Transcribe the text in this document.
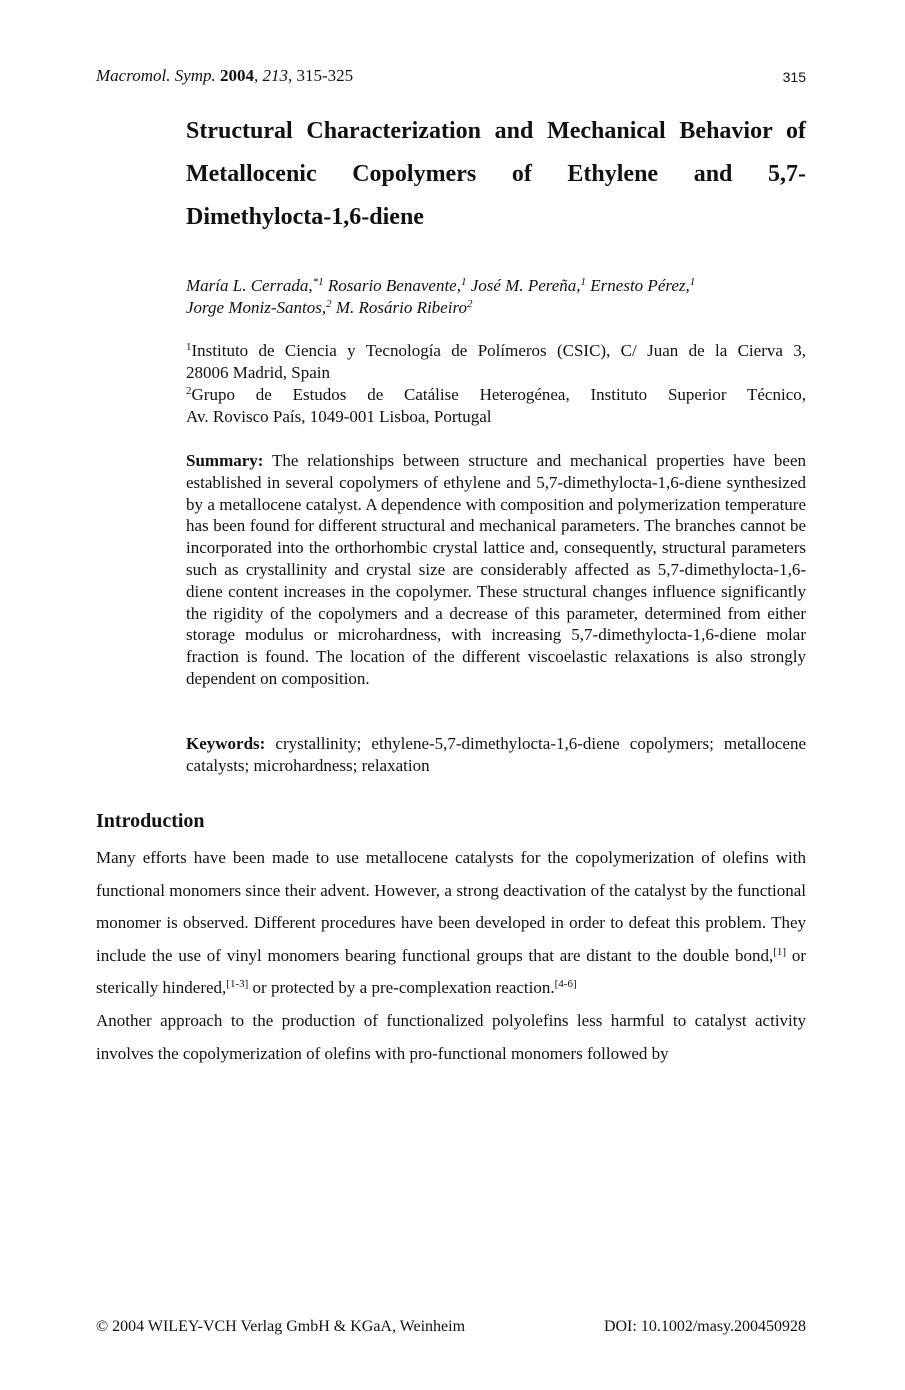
Macromol. Symp. 2004, 213, 315-325	315
Structural Characterization and Mechanical Behavior of
Metallocenic Copolymers of Ethylene and 5,7-
Dimethylocta-1,6-diene
María L. Cerrada,$^{*1}$ Rosario Benavente,$^1$ José M. Pereña,$^1$ Ernesto Pérez,$^1$
Jorge Moniz-Santos,$^2$ M. Rosário Ribeiro$^2$

$^1$Instituto de Ciencia y Tecnología de Polímeros (CSIC), C/ Juan de la Cierva 3,

28006 Madrid, Spain

$^2$Grupo de Estudos de Catálise Heterogénea, Instituto Superior Técnico,

Av. Rovisco País, 1049-001 Lisboa, Portugal

Summary: The relationships between structure and mechanical properties have been established in several copolymers of ethylene and 5,7-dimethylocta-1,6-diene synthesized by a metallocene catalyst. A dependence with composition and polymerization temperature has been found for different structural and mechanical parameters. The branches cannot be incorporated into the orthorhombic crystal lattice and, consequently, structural parameters such as crystallinity and crystal size are considerably affected as 5,7-dimethylocta-1,6-diene content increases in the copolymer. These structural changes influence significantly the rigidity of the copolymers and a decrease of this parameter, determined from either storage modulus or microhardness, with increasing 5,7-dimethylocta-1,6-diene molar fraction is found. The location of the different viscoelastic relaxations is also strongly dependent on composition.

Keywords: crystallinity; ethylene-5,7-dimethylocta-1,6-diene copolymers; metallocene catalysts; microhardness; relaxation

Introduction

Many efforts have been made to use metallocene catalysts for the copolymerization of olefins with functional monomers since their advent. However, a strong deactivation of the catalyst by the functional monomer is observed. Different procedures have been developed in order to defeat this problem. They include the use of vinyl monomers bearing functional groups that are distant to the double bond,[1] or sterically hindered,[1-3] or protected by a pre-complexation reaction.[4-6]

Another approach to the production of functionalized polyolefins less harmful to catalyst activity involves the copolymerization of olefins with pro-functional monomers followed by

© 2004 WILEY-VCH Verlag GmbH & KGaA, Weinheim	DOI: 10.1002/masy.200450928
